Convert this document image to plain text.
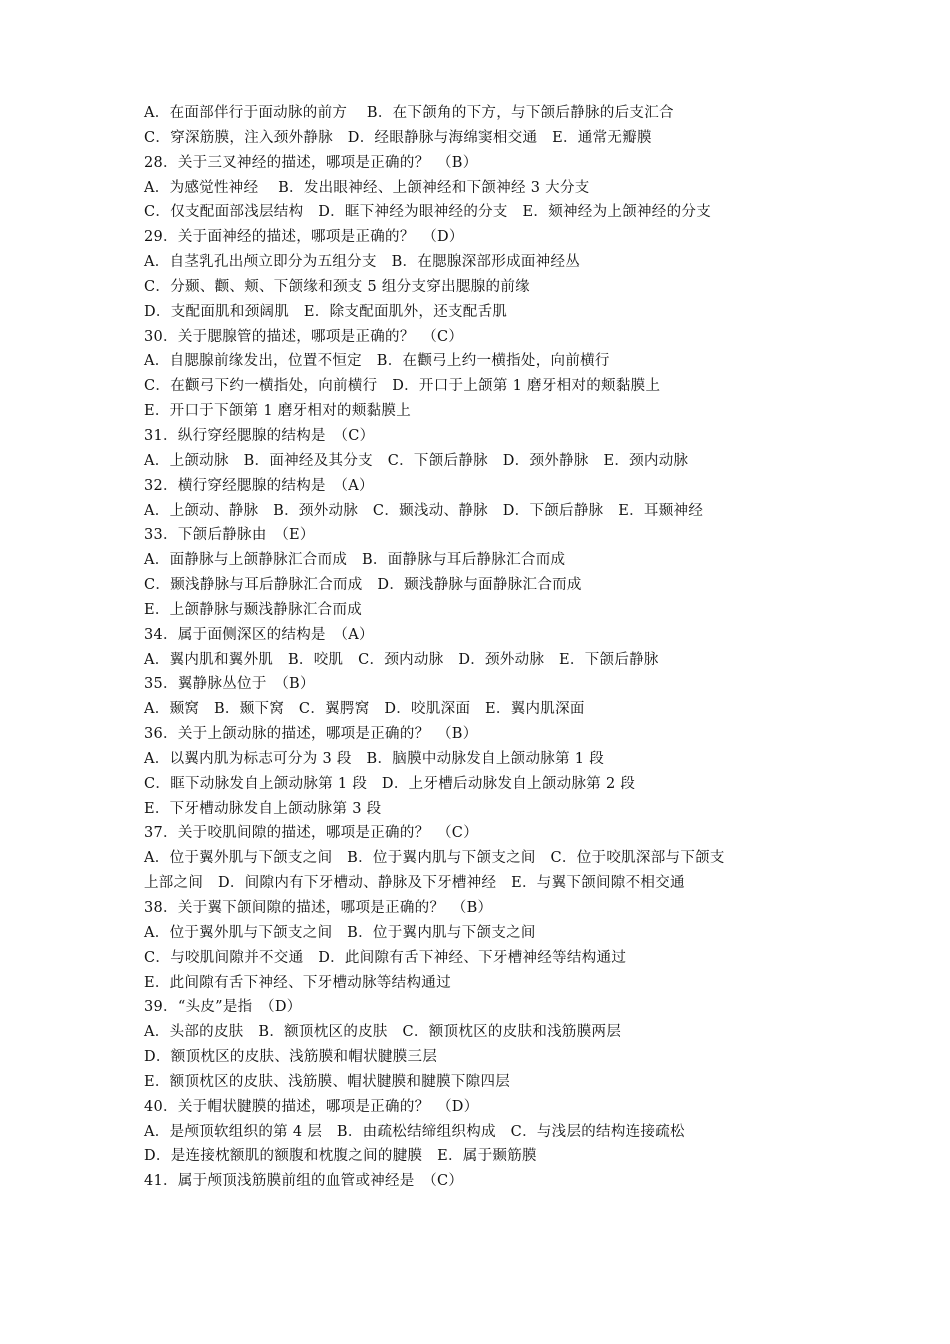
A．在面部伴行于面动脉的前方　 B．在下颌角的下方，与下颌后静脉的后支汇合
C．穿深筋膜，注入颈外静脉　D．经眼静脉与海绵窦相交通　E．通常无瓣膜
28．关于三叉神经的描述，哪项是正确的？　（B）
A．为感觉性神经　 B．发出眼神经、上颌神经和下颌神经 3 大分支
C．仅支配面部浅层结构　D．眶下神经为眼神经的分支　E．颏神经为上颌神经的分支
29．关于面神经的描述，哪项是正确的？　（D）
A．自茎乳孔出颅立即分为五组分支　B．在腮腺深部形成面神经丛
C．分颞、颧、颊、下颌缘和颈支 5 组分支穿出腮腺的前缘
D．支配面肌和颈阔肌　E．除支配面肌外，还支配舌肌
30．关于腮腺管的描述，哪项是正确的？　（C）
A．自腮腺前缘发出，位置不恒定　B．在颧弓上约一横指处，向前横行
C．在颧弓下约一横指处，向前横行　D．开口于上颌第 1 磨牙相对的颊黏膜上
E．开口于下颌第 1 磨牙相对的颊黏膜上
31．纵行穿经腮腺的结构是　（C）
A．上颌动脉　B．面神经及其分支　C．下颌后静脉　D．颈外静脉　E．颈内动脉
32．横行穿经腮腺的结构是　（A）
A．上颌动、静脉　B．颈外动脉　C．颞浅动、静脉　D．下颌后静脉　E．耳颞神经
33．下颌后静脉由　（E）
A．面静脉与上颌静脉汇合而成　B．面静脉与耳后静脉汇合而成
C．颞浅静脉与耳后静脉汇合而成　D．颞浅静脉与面静脉汇合而成
E．上颌静脉与颞浅静脉汇合而成
34．属于面侧深区的结构是　（A）
A．翼内肌和翼外肌　B．咬肌　C．颈内动脉　D．颈外动脉　E．下颌后静脉
35．翼静脉丛位于　（B）
A．颞窝　B．颞下窝　C．翼腭窝　D．咬肌深面　E．翼内肌深面
36．关于上颌动脉的描述，哪项是正确的？　（B）
A．以翼内肌为标志可分为 3 段　B．脑膜中动脉发自上颌动脉第 1 段
C．眶下动脉发自上颌动脉第 1 段　D．上牙槽后动脉发自上颌动脉第 2 段
E．下牙槽动脉发自上颌动脉第 3 段
37．关于咬肌间隙的描述，哪项是正确的？　（C）
A．位于翼外肌与下颌支之间　B．位于翼内肌与下颌支之间　C．位于咬肌深部与下颌支
上部之间　D．间隙内有下牙槽动、静脉及下牙槽神经　E．与翼下颌间隙不相交通
38．关于翼下颌间隙的描述，哪项是正确的？　（B）
A．位于翼外肌与下颌支之间　B．位于翼内肌与下颌支之间
C．与咬肌间隙并不交通　D．此间隙有舌下神经、下牙槽神经等结构通过
E．此间隙有舌下神经、下牙槽动脉等结构通过
39．“头皮”是指　（D）
A．头部的皮肤　B．额顶枕区的皮肤　C．额顶枕区的皮肤和浅筋膜两层
D．额顶枕区的皮肤、浅筋膜和帽状腱膜三层
E．额顶枕区的皮肤、浅筋膜、帽状腱膜和腱膜下隙四层
40．关于帽状腱膜的描述，哪项是正确的？　（D）
A．是颅顶软组织的第 4 层　B．由疏松结缔组织构成　C．与浅层的结构连接疏松
D．是连接枕额肌的额腹和枕腹之间的腱膜　E．属于颞筋膜
41．属于颅顶浅筋膜前组的血管或神经是　（C）
